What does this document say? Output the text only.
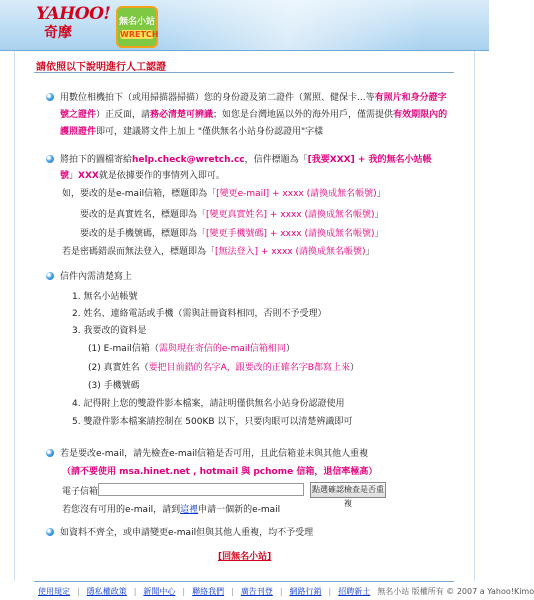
YAHOO!
奇摩
無名小站
WRETCH
請依照以下說明進行人工認證
用數位相機拍下（或用掃描器掃描）您的身份證及第二證件（駕照、健保卡...等有照片和身分證字
號之證件）正反面，請務必清楚可辨識；如您是台灣地區以外的海外用戶，僅需提供有效期限內的
護照證件即可，建議將文件上加上 "僅供無名小站身份認證用"字樣
將拍下的圖檔寄給help.check@wretch.cc，信件標題為「[我要XXX] + 我的無名小站帳
號」XXX就是依據要作的事情列入即可。
如，要改的是e-mail信箱，標題即為「[變更e-mail] + xxxx (請換成無名帳號)」
要改的是真實姓名，標題即為「[變更真實姓名] + xxxx (請換成無名帳號)」
要改的是手機號碼，標題即為「[變更手機號碼] + xxxx (請換成無名帳號)」
若是密碼錯誤而無法登入，標題即為「[無法登入] + xxxx (請換成無名帳號)」
信件內需清楚寫上
1. 無名小站帳號
2. 姓名、連絡電話或手機（需與註冊資料相同，否則不予受理）
3. 我要改的資料是
(1) E-mail信箱（需與現在寄信的e-mail信箱相同）
(2) 真實姓名（要把目前錯的名字A，跟要改的正確名字B都寫上來）
(3) 手機號碼
4. 記得附上您的雙證件影本檔案，請註明僅供無名小站身份認證使用
5. 雙證件影本檔案請控制在 500KB 以下，只要肉眼可以清楚辨識即可
若是要改e-mail，請先檢查e-mail信箱是否可用，且此信箱並未與其他人重複
（請不要使用 msa.hinet.net , hotmail 與 pchome 信箱，退信率極高）
電子信箱	點選確認檢查是否重複
若您沒有可用的e-mail，請到這裡申請一個新的e-mail
如資料不齊全，或申請變更e-mail但與其他人重複，均不予受理
[回無名小站]
使用規定 | 隱私權政策 | 新聞中心 | 聯絡我們 | 廣告刊登 | 網路行銷 | 招聘新士 無名小站 版權所有 © 2007 a Yahoo!Kimo
